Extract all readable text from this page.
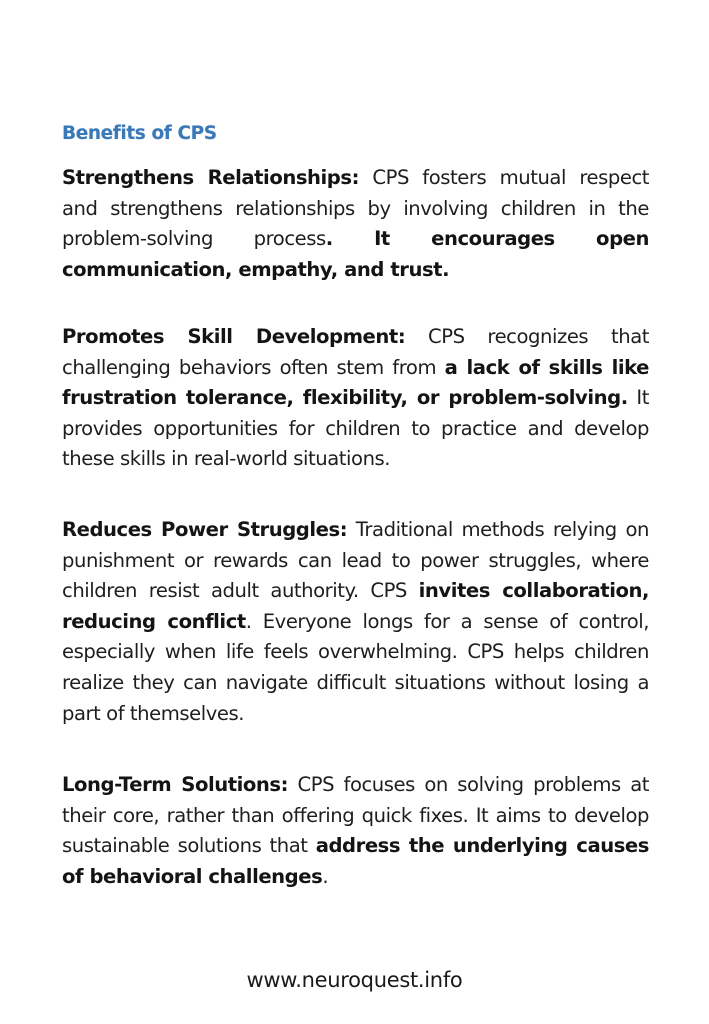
Benefits of CPS

Strengthens Relationships: CPS fosters mutual respect and strengthens relationships by involving children in the problem-solving process. It encourages open communication, empathy, and trust.

Promotes Skill Development: CPS recognizes that challenging behaviors often stem from a lack of skills like frustration tolerance, flexibility, or problem-solving. It provides opportunities for children to practice and develop these skills in real-world situations.

Reduces Power Struggles: Traditional methods relying on punishment or rewards can lead to power struggles, where children resist adult authority. CPS invites collaboration, reducing conflict. Everyone longs for a sense of control, especially when life feels overwhelming. CPS helps children realize they can navigate difficult situations without losing a part of themselves.

Long-Term Solutions: CPS focuses on solving problems at their core, rather than offering quick fixes. It aims to develop sustainable solutions that address the underlying causes of behavioral challenges.

www.neuroquest.info
